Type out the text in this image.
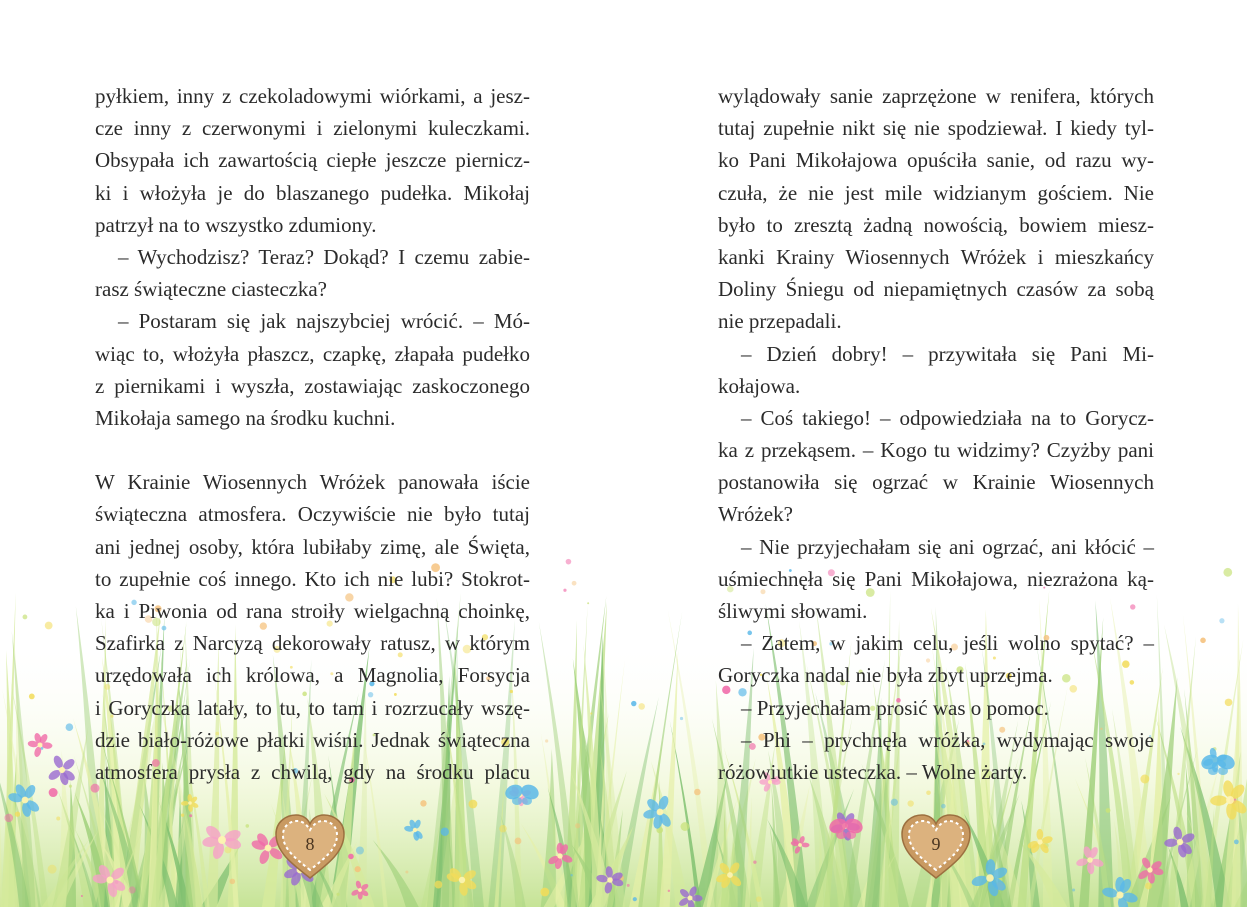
pyłkiem, inny z czekoladowymi wiórkami, a jesz-
cze inny z czerwonymi i zielonymi kuleczkami.
Obsypała ich zawartością ciepłe jeszcze piernicz-
ki i włożyła je do blaszanego pudełka. Mikołaj
patrzył na to wszystko zdumiony.
– Wychodzisz? Teraz? Dokąd? I czemu zabie-
rasz świąteczne ciasteczka?
– Postaram się jak najszybciej wrócić. – Mó-
wiąc to, włożyła płaszcz, czapkę, złapała pudełko
z piernikami i wyszła, zostawiając zaskoczonego
Mikołaja samego na środku kuchni.
W Krainie Wiosennych Wróżek panowała iście
świąteczna atmosfera. Oczywiście nie było tutaj
ani jednej osoby, która lubiłaby zimę, ale Święta,
to zupełnie coś innego. Kto ich nie lubi? Stokrot-
ka i Piwonia od rana stroiły wielgachną choinkę,
Szafirka z Narcyzą dekorowały ratusz, w którym
urzędowała ich królowa, a Magnolia, Forsycja
i Goryczka latały, to tu, to tam i rozrzucały wszę-
dzie biało-różowe płatki wiśni. Jednak świąteczna
atmosfera prysła z chwilą, gdy na środku placu
wylądowały sanie zaprzężone w renifera, których
tutaj zupełnie nikt się nie spodziewał. I kiedy tyl-
ko Pani Mikołajowa opuściła sanie, od razu wy-
czuła, że nie jest mile widzianym gościem. Nie
było to zresztą żadną nowością, bowiem miesz-
kanki Krainy Wiosennych Wróżek i mieszkańcy
Doliny Śniegu od niepamiętnych czasów za sobą
nie przepadali.
– Dzień dobry! – przywitała się Pani Mi-
kołajowa.
– Coś takiego! – odpowiedziała na to Gorycz-
ka z przekąsem. – Kogo tu widzimy? Czyżby pani
postanowiła się ogrzać w Krainie Wiosennych
Wróżek?
– Nie przyjechałam się ani ogrzać, ani kłócić –
uśmiechnęła się Pani Mikołajowa, niezrażona ką-
śliwymi słowami.
– Zatem, w jakim celu, jeśli wolno spytać? –
Goryczka nadal nie była zbyt uprzejma.
– Przyjechałam prosić was o pomoc.
– Phi – prychnęła wróżka, wydymając swoje
różowiutkie usteczka. – Wolne żarty.
8	9
